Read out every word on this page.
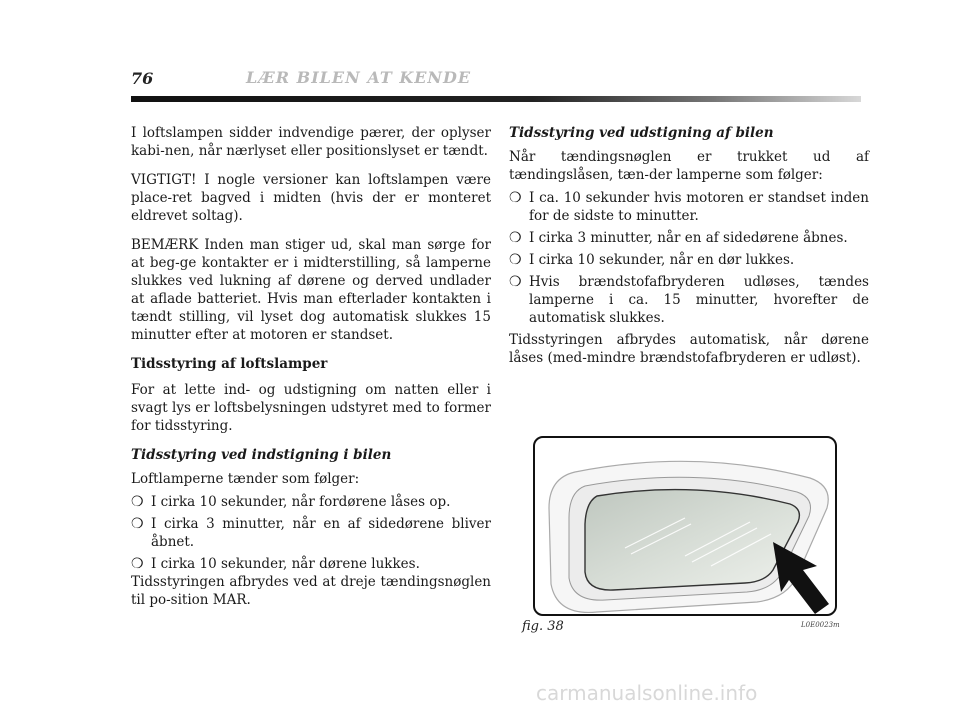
76	LÆR BILEN AT KENDE

I loftslampen sidder indvendige pærer, der oplyser kabi-nen, når nærlyset eller positionslyset er tændt.

VIGTIGT! I nogle versioner kan loftslampen være place-ret bagved i midten (hvis der er monteret eldrevet soltag).

BEMÆRK Inden man stiger ud, skal man sørge for at beg-ge kontakter er i midterstilling, så lamperne slukkes ved lukning af dørene og derved undlader at aflade batteriet. Hvis man efterlader kontakten i tændt stilling, vil lyset dog automatisk slukkes 15 minutter efter at motoren er standset.

Tidsstyring af loftslamper

For at lette ind- og udstigning om natten eller i svagt lys er loftsbelysningen udstyret med to former for tidsstyring.

Tidsstyring ved indstigning i bilen

Loftlamperne tænder som følger:

❍ I cirka 10 sekunder, når fordørene låses op.
❍ I cirka 3 minutter, når en af sidedørene bliver åbnet.
❍ I cirka 10 sekunder, når dørene lukkes.

Tidsstyringen afbrydes ved at dreje tændingsnøglen til po-sition MAR.

Tidsstyring ved udstigning af bilen

Når tændingsnøglen er trukket ud af tændingslåsen, tæn-der lamperne som følger:

❍ I ca. 10 sekunder hvis motoren er standset inden for de sidste to minutter.
❍ I cirka 3 minutter, når en af sidedørene åbnes.
❍ I cirka 10 sekunder, når en dør lukkes.
❍ Hvis brændstofafbryderen udløses, tændes lamperne i ca. 15 minutter, hvorefter de automatisk slukkes.

Tidsstyringen afbrydes automatisk, når dørene låses (med-mindre brændstofafbryderen er udløst).

fig. 38	L0E0023m
carmanualsonline.info
